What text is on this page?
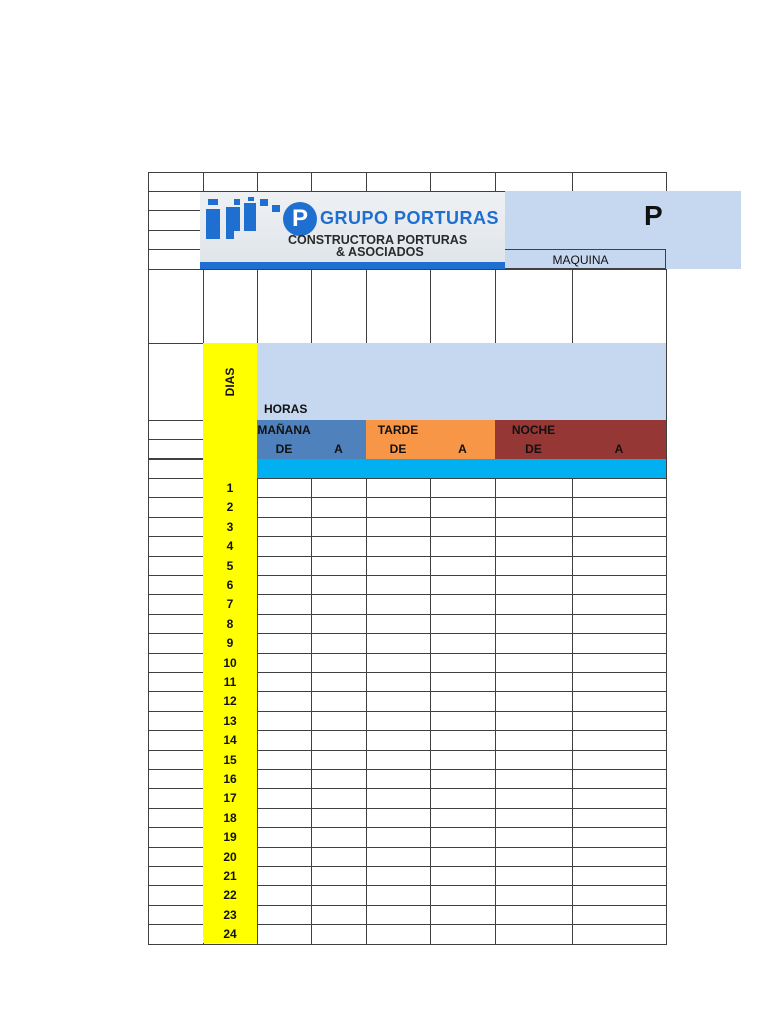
MAQUINA
P
P GRUPO PORTURAS
CONSTRUCTORA PORTURAS
& ASOCIADOS
DIAS
HORAS
MAÑANA	TARDE	NOCHE
DE	A	DE	A	DE	A
1
2
3
4
5
6
7
8
9
10
11
12
13
14
15
16
17
18
19
20
21
22
23
24
